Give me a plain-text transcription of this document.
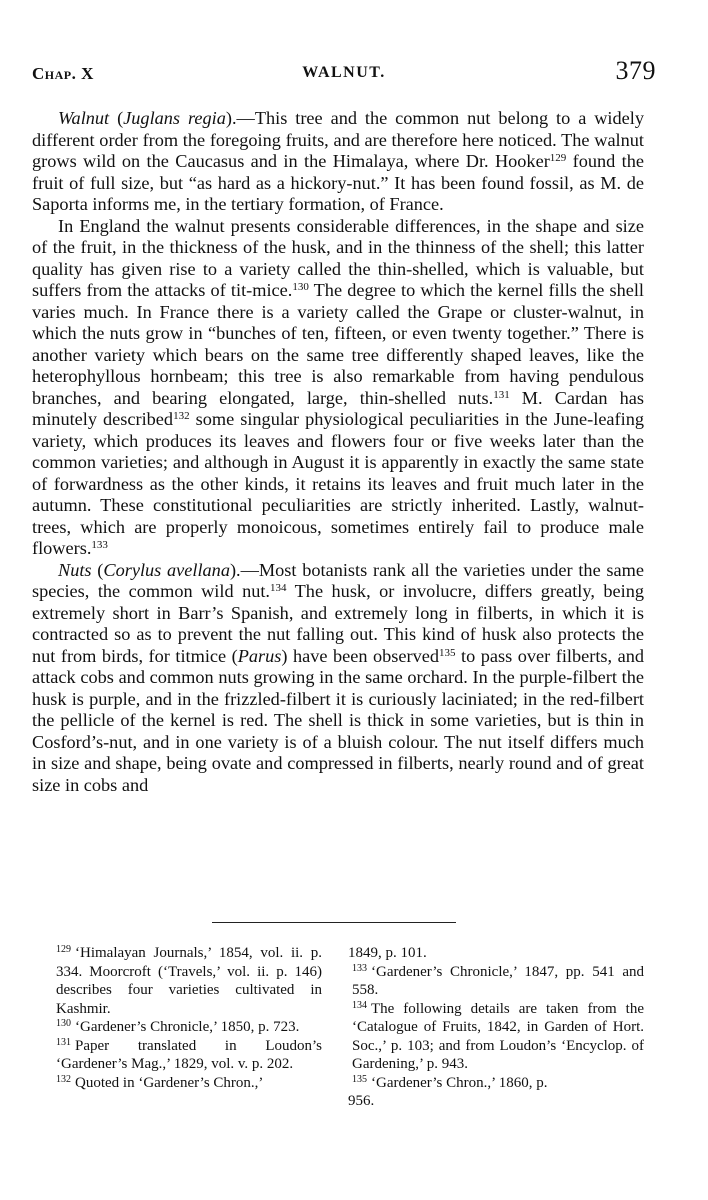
Chap. X	WALNUT.	379

Walnut (Juglans regia).—This tree and the common nut belong to a widely different order from the foregoing fruits, and are therefore here noticed. The walnut grows wild on the Caucasus and in the Himalaya, where Dr. Hooker$^{129}$ found the fruit of full size, but “as hard as a hickory-nut.” It has been found fossil, as M. de Saporta informs me, in the tertiary formation, of France.

In England the walnut presents considerable differences, in the shape and size of the fruit, in the thickness of the husk, and in the thinness of the shell; this latter quality has given rise to a variety called the thin-shelled, which is valuable, but suffers from the attacks of tit-mice.$^{130}$ The degree to which the kernel fills the shell varies much. In France there is a variety called the Grape or cluster-walnut, in which the nuts grow in “bunches of ten, fifteen, or even twenty together.” There is another variety which bears on the same tree differently shaped leaves, like the heterophyllous hornbeam; this tree is also remarkable from having pendulous branches, and bearing elongated, large, thin-shelled nuts.$^{131}$ M. Cardan has minutely described$^{132}$ some singular physiological peculiarities in the June-leafing variety, which produces its leaves and flowers four or five weeks later than the common varieties; and although in August it is apparently in exactly the same state of forwardness as the other kinds, it retains its leaves and fruit much later in the autumn. These constitutional peculiarities are strictly inherited. Lastly, walnut-trees, which are properly monoicous, sometimes entirely fail to produce male flowers.$^{133}$

Nuts (Corylus avellana).—Most botanists rank all the varieties under the same species, the common wild nut.$^{134}$ The husk, or involucre, differs greatly, being extremely short in Barr’s Spanish, and extremely long in filberts, in which it is contracted so as to prevent the nut falling out. This kind of husk also protects the nut from birds, for titmice (Parus) have been observed$^{135}$ to pass over filberts, and attack cobs and common nuts growing in the same orchard. In the purple-filbert the husk is purple, and in the frizzled-filbert it is curiously laciniated; in the red-filbert the pellicle of the kernel is red. The shell is thick in some varieties, but is thin in Cosford’s-nut, and in one variety is of a bluish colour. The nut itself differs much in size and shape, being ovate and compressed in filberts, nearly round and of great size in cobs and

$^{129}$ ‘Himalayan Journals,’ 1854, vol. ii. p. 334. Moorcroft (‘Travels,’ vol. ii. p. 146) describes four varieties cultivated in Kashmir.

$^{130}$ ‘Gardener’s Chronicle,’ 1850, p. 723.

$^{131}$ Paper translated in Loudon’s ‘Gardener’s Mag.,’ 1829, vol. v. p. 202.

$^{132}$ Quoted in ‘Gardener’s Chron.,’

1849, p. 101.

$^{133}$ ‘Gardener’s Chronicle,’ 1847, pp. 541 and 558.

$^{134}$ The following details are taken from the ‘Catalogue of Fruits, 1842, in Garden of Hort. Soc.,’ p. 103; and from Loudon’s ‘Encyclop. of Gardening,’ p. 943.

$^{135}$ ‘Gardener’s Chron.,’ 1860, p.

956.
